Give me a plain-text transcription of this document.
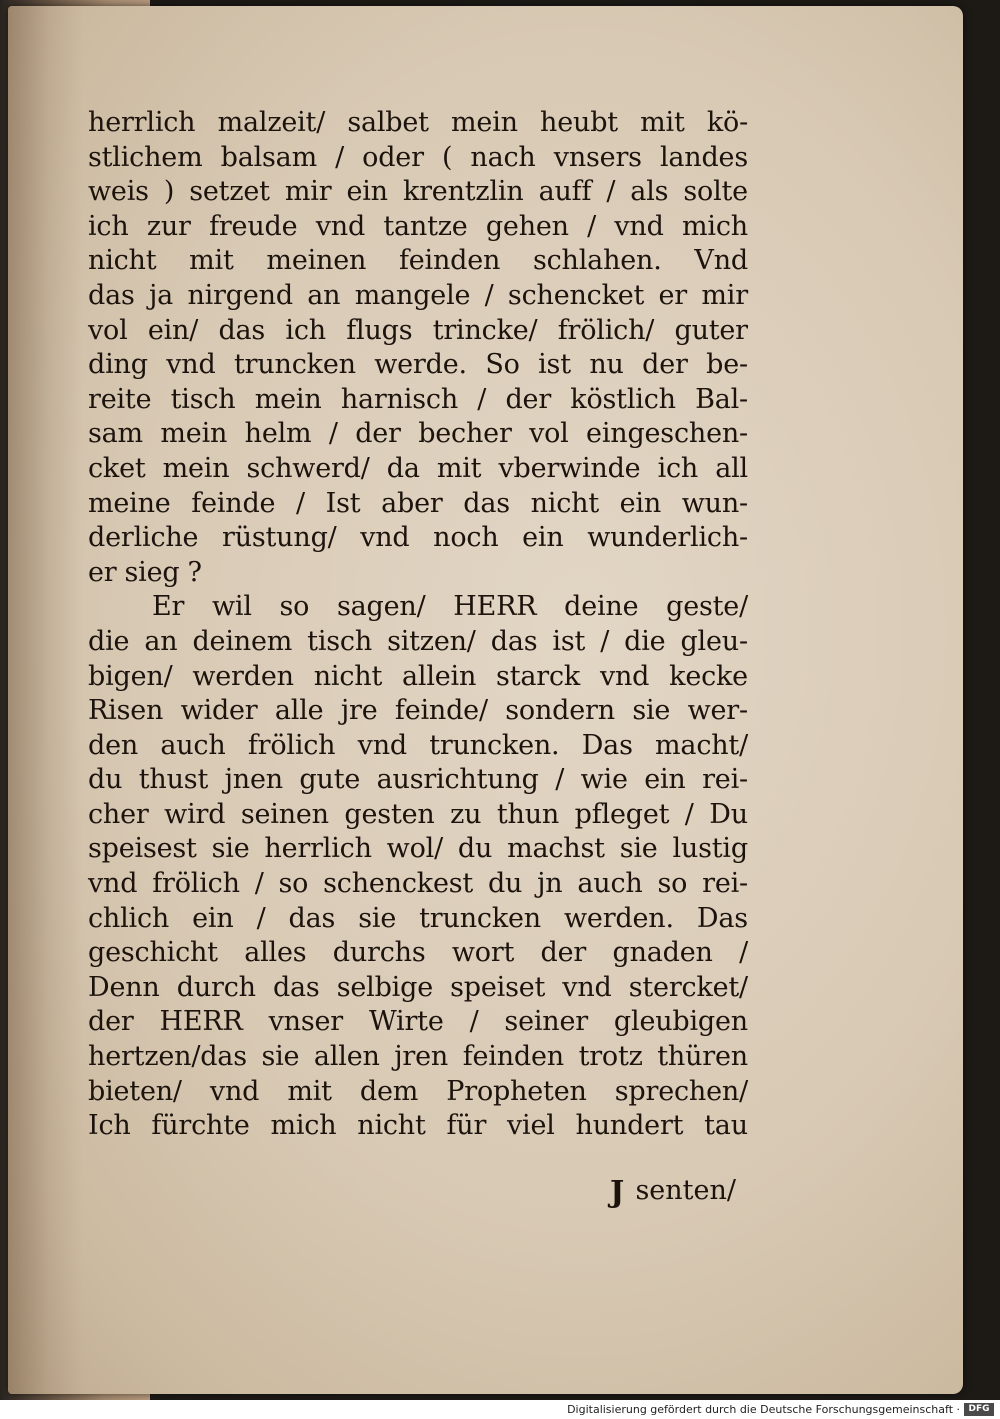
herrlich malzeit/ salbet mein heubt mit kö-
stlichem balsam / oder ( nach vnsers landes
weis ) setzet mir ein krentzlin auff / als solte
ich zur freude vnd tantze gehen / vnd mich
nicht mit meinen feinden schlahen. Vnd
das ja nirgend an mangele / schencket er mir
vol ein/ das ich flugs trincke/ frölich/ guter
ding vnd truncken werde. So ist nu der be-
reite tisch mein harnisch / der köstlich Bal-
sam mein helm / der becher vol eingeschen-
cket mein schwerd/ da mit vberwinde ich all
meine feinde / Ist aber das nicht ein wun-
derliche rüstung/ vnd noch ein wunderlich-
er sieg ?
Er wil so sagen/ HERR deine geste/
die an deinem tisch sitzen/ das ist / die gleu-
bigen/ werden nicht allein starck vnd kecke
Risen wider alle jre feinde/ sondern sie wer-
den auch frölich vnd truncken. Das macht/
du thust jnen gute ausrichtung / wie ein rei-
cher wird seinen gesten zu thun pfleget / Du
speisest sie herrlich wol/ du machst sie lustig
vnd frölich / so schenckest du jn auch so rei-
chlich ein / das sie truncken werden. Das
geschicht alles durchs wort der gnaden /
Denn durch das selbige speiset vnd stercket/
der HERR vnser Wirte / seiner gleubigen
hertzen/das sie allen jren feinden trotz thüren
bieten/ vnd mit dem Propheten sprechen/
Ich fürchte mich nicht für viel hundert tau
J senten/
Digitalisierung gefördert durch die Deutsche Forschungsgemeinschaft · DFG
